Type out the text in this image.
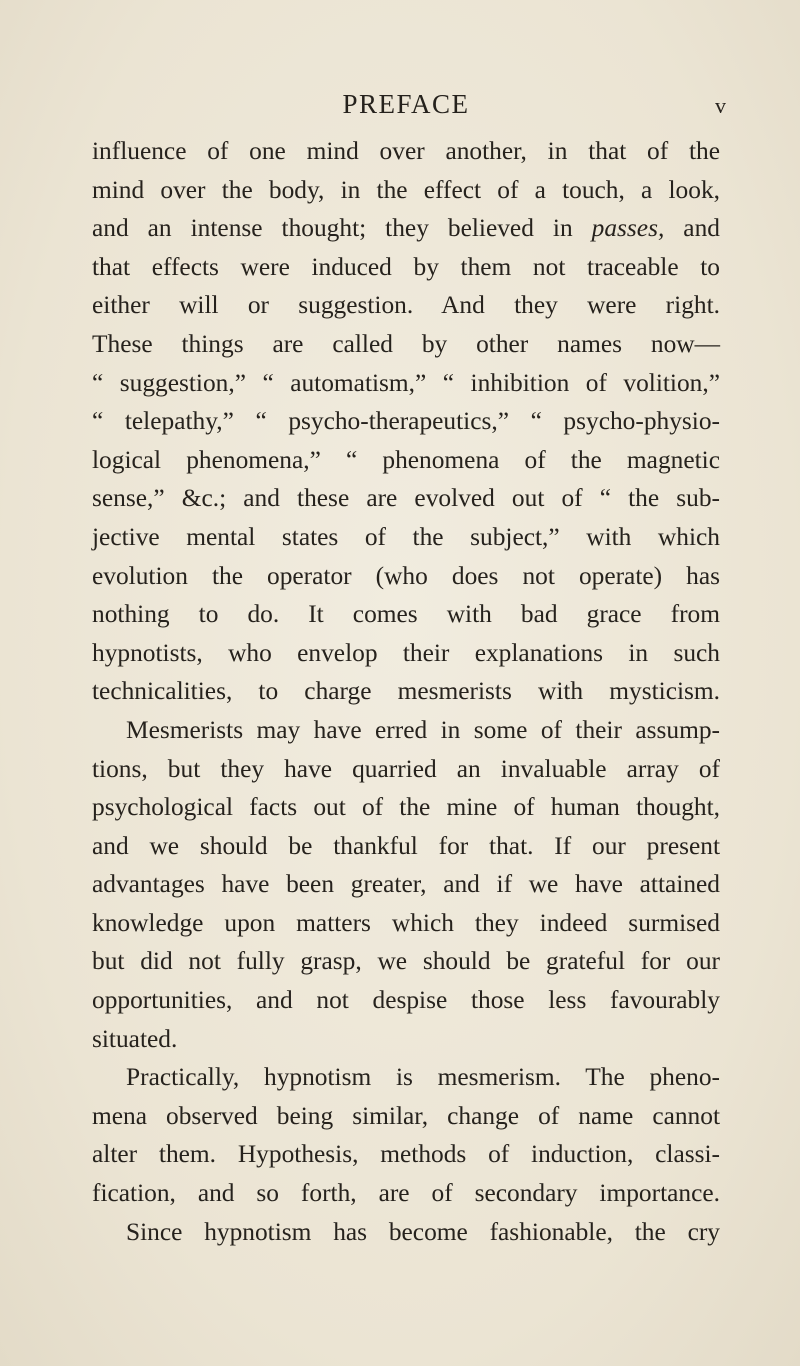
PREFACE	v
influence of one mind over another, in that of the
mind over the body, in the effect of a touch, a look,
and an intense thought; they believed in passes, and
that effects were induced by them not traceable to
either will or suggestion. And they were right.
These things are called by other names now—
“ suggestion,” “ automatism,” “ inhibition of volition,”
“ telepathy,” “ psycho-therapeutics,” “ psycho-physio-
logical phenomena,” “ phenomena of the magnetic
sense,” &c.; and these are evolved out of “ the sub-
jective mental states of the subject,” with which
evolution the operator (who does not operate) has
nothing to do. It comes with bad grace from
hypnotists, who envelop their explanations in such
technicalities, to charge mesmerists with mysticism.
Mesmerists may have erred in some of their assump-
tions, but they have quarried an invaluable array of
psychological facts out of the mine of human thought,
and we should be thankful for that. If our present
advantages have been greater, and if we have attained
knowledge upon matters which they indeed surmised
but did not fully grasp, we should be grateful for our
opportunities, and not despise those less favourably
situated.
Practically, hypnotism is mesmerism. The pheno-
mena observed being similar, change of name cannot
alter them. Hypothesis, methods of induction, classi-
fication, and so forth, are of secondary importance.
Since hypnotism has become fashionable, the cry
